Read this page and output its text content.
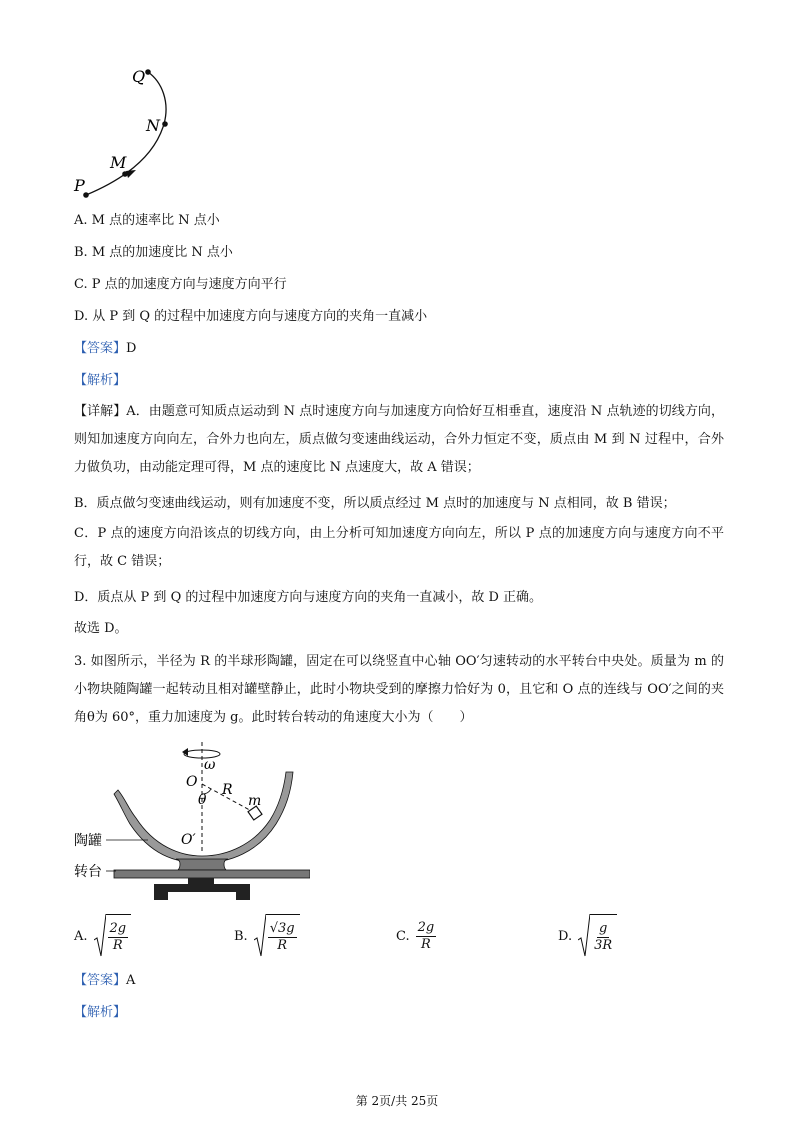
Q
N
M
P
A. M 点的速率比 N 点小
B. M 点的加速度比 N 点小
C. P 点的加速度方向与速度方向平行
D. 从 P 到 Q 的过程中加速度方向与速度方向的夹角一直减小
【答案】D
【解析】
【详解】A．由题意可知质点运动到 N 点时速度方向与加速度方向恰好互相垂直，速度沿 N 点轨迹的切线方向，则知加速度方向向左，合外力也向左，质点做匀变速曲线运动，合外力恒定不变，质点由 M 到 N 过程中，合外力做负功，由动能定理可得，M 点的速度比 N 点速度大，故 A 错误；
B．质点做匀变速曲线运动，则有加速度不变，所以质点经过 M 点时的加速度与 N 点相同，故 B 错误；
C．P 点的速度方向沿该点的切线方向，由上分析可知加速度方向向左，所以 P 点的加速度方向与速度方向不平行，故 C 错误；
D．质点从 P 到 Q 的过程中加速度方向与速度方向的夹角一直减小，故 D 正确。
故选 D。
3. 如图所示，半径为 R 的半球形陶罐，固定在可以绕竖直中心轴 OO′匀速转动的水平转台中央处。质量为 m 的小物块随陶罐一起转动且相对罐壁静止，此时小物块受到的摩擦力恰好为 0，且它和 O 点的连线与 OO′之间的夹角θ为 60°，重力加速度为 g。此时转台转动的角速度大小为（　　）
ω
O
θ
R
m
O′
陶罐
转台
A. $\frac{2g}{R}$	B. $\frac{√3g}{R}$	C. $\frac{2g}{R}$	D. $\frac{g}{3R}$
【答案】A
【解析】
第 2页/共 25页
